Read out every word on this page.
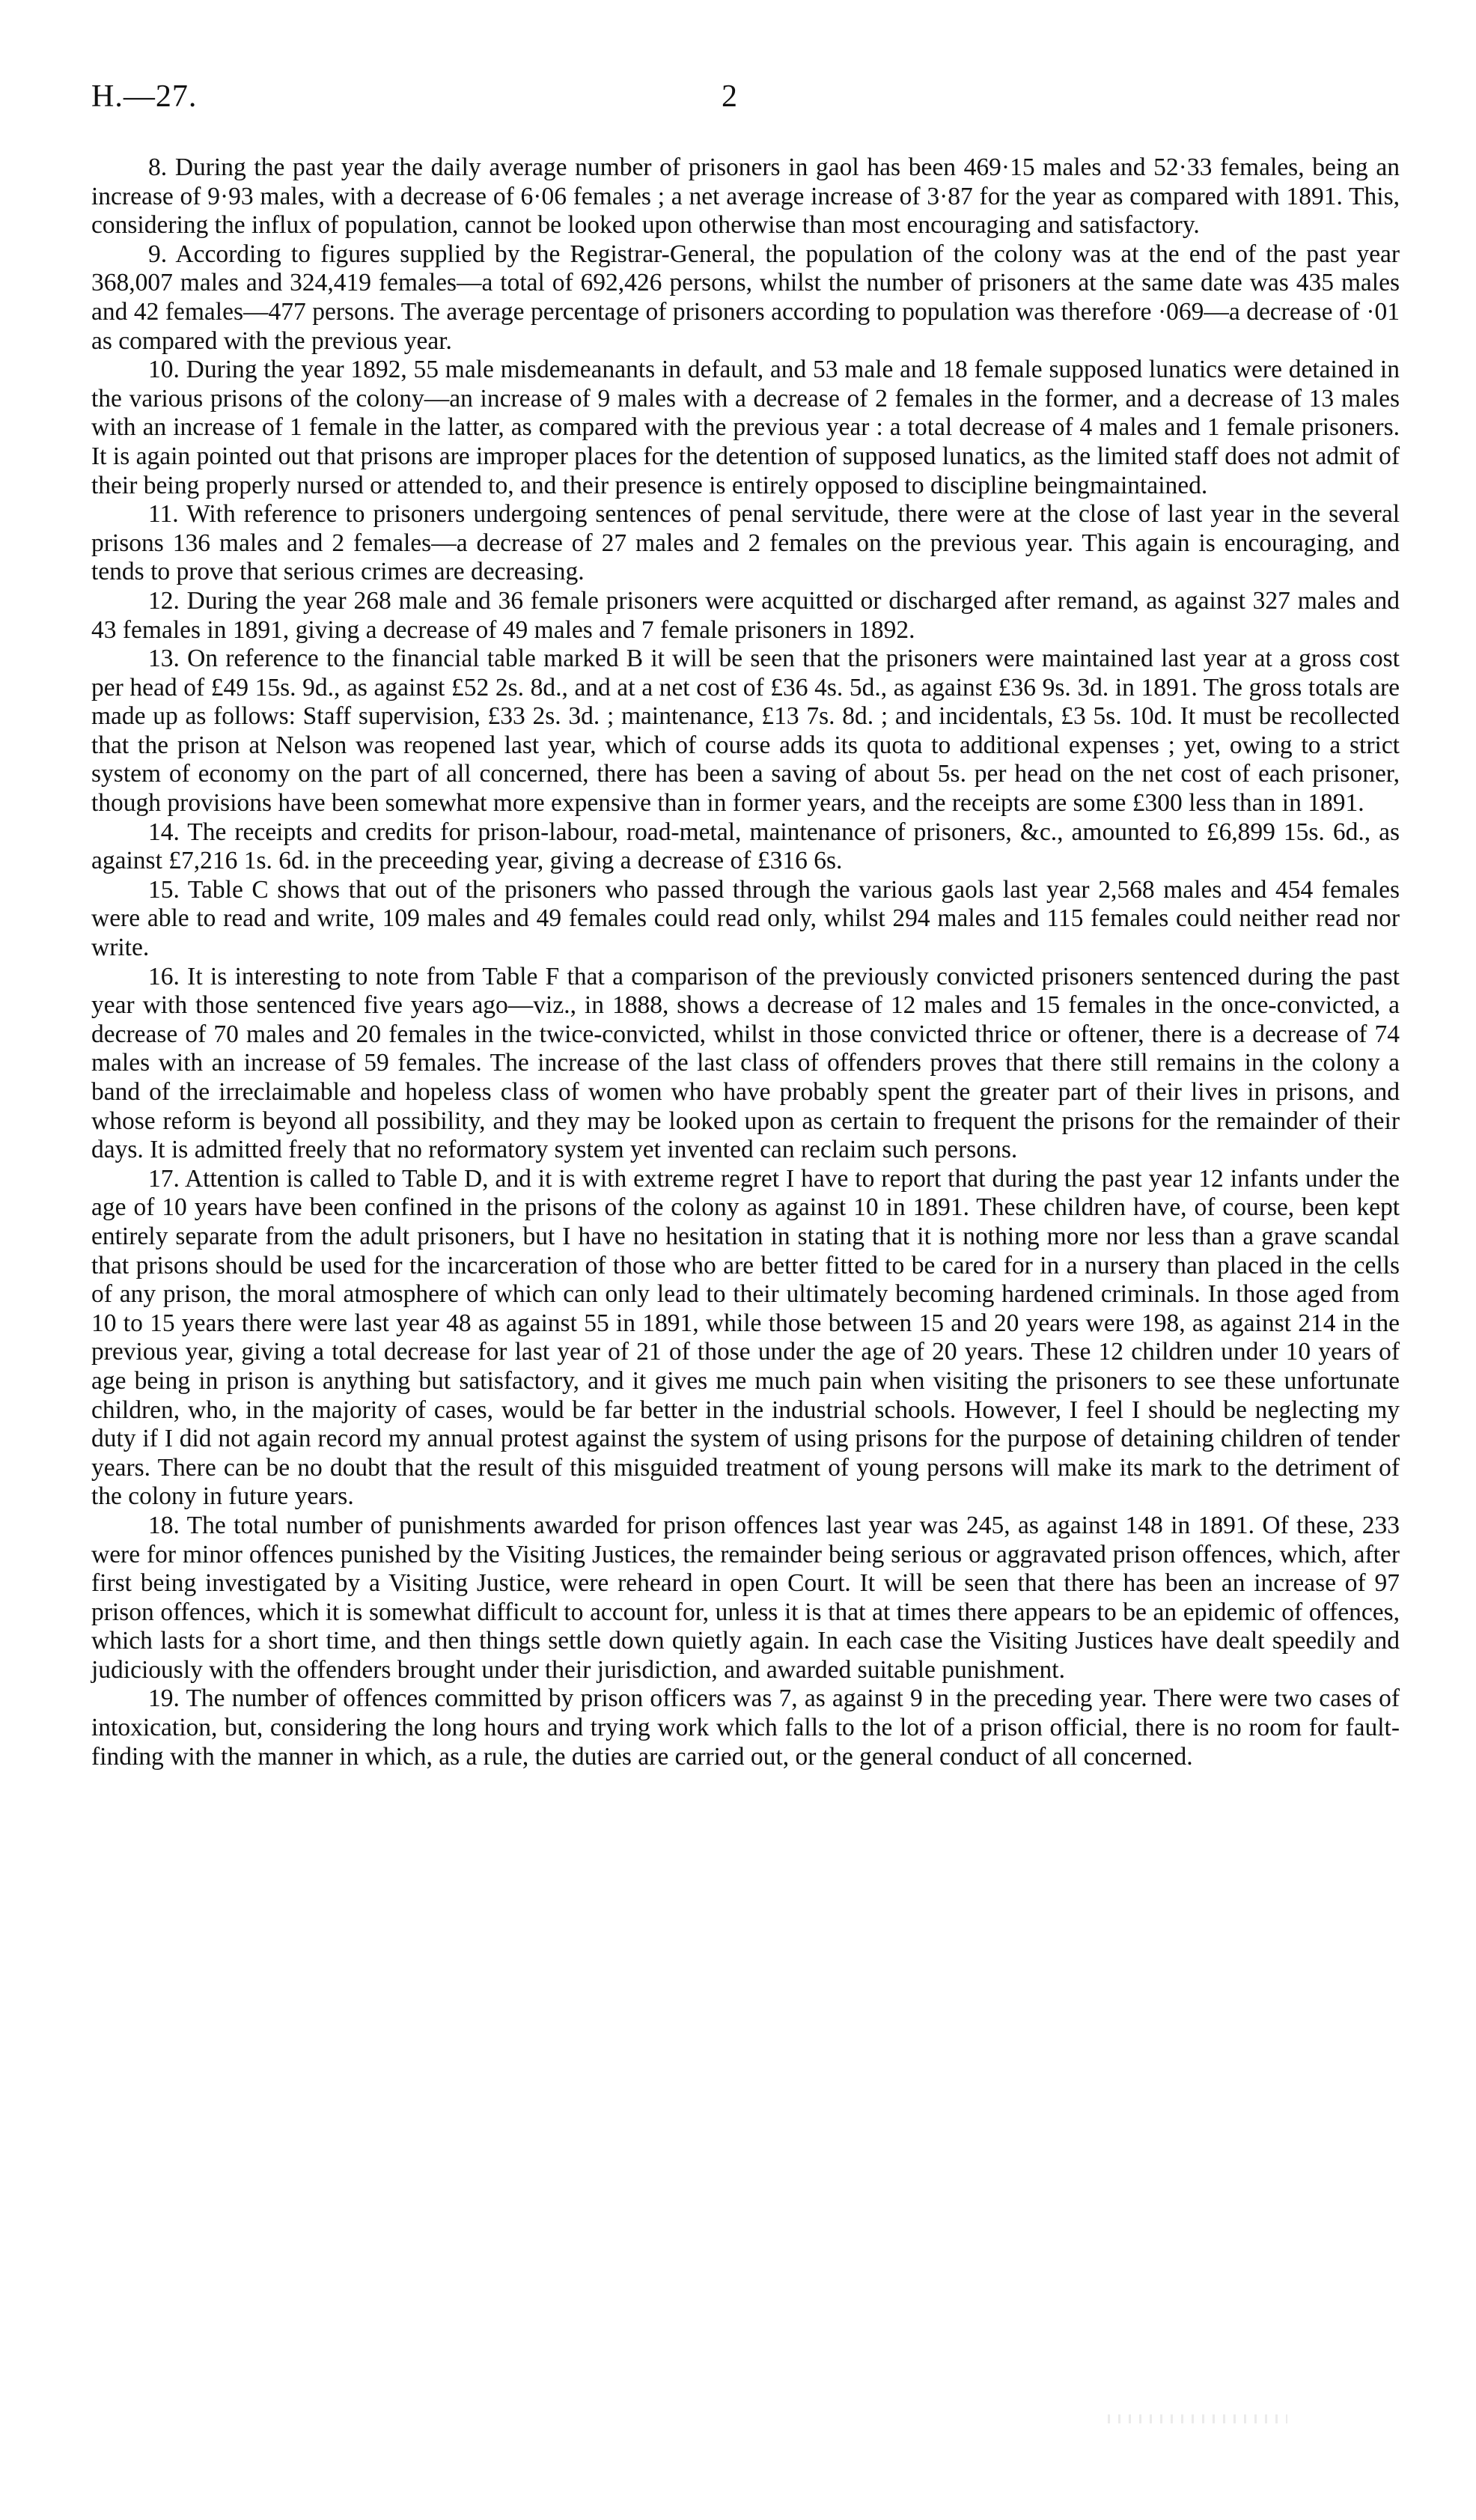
H.—27.	2

8. During the past year the daily average number of prisoners in gaol has been 469·15 males and 52·33 females, being an increase of 9·93 males, with a decrease of 6·06 females ; a net average increase of 3·87 for the year as compared with 1891. This, considering the influx of population, cannot be looked upon otherwise than most encouraging and satisfactory.

9. According to figures supplied by the Registrar-General, the population of the colony was at the end of the past year 368,007 males and 324,419 females—a total of 692,426 persons, whilst the number of prisoners at the same date was 435 males and 42 females—477 persons. The average percentage of prisoners according to population was therefore ·069—a decrease of ·01 as compared with the previous year.

10. During the year 1892, 55 male misdemeanants in default, and 53 male and 18 female supposed lunatics were detained in the various prisons of the colony—an increase of 9 males with a decrease of 2 females in the former, and a decrease of 13 males with an increase of 1 female in the latter, as compared with the previous year : a total decrease of 4 males and 1 female prisoners. It is again pointed out that prisons are improper places for the detention of supposed lunatics, as the limited staff does not admit of their being properly nursed or attended to, and their presence is entirely opposed to discipline beingmaintained.

11. With reference to prisoners undergoing sentences of penal servitude, there were at the close of last year in the several prisons 136 males and 2 females—a decrease of 27 males and 2 females on the previous year. This again is encouraging, and tends to prove that serious crimes are decreasing.

12. During the year 268 male and 36 female prisoners were acquitted or discharged after remand, as against 327 males and 43 females in 1891, giving a decrease of 49 males and 7 female prisoners in 1892.

13. On reference to the financial table marked B it will be seen that the prisoners were maintained last year at a gross cost per head of £49 15s. 9d., as against £52 2s. 8d., and at a net cost of £36 4s. 5d., as against £36 9s. 3d. in 1891. The gross totals are made up as follows: Staff supervision, £33 2s. 3d. ; maintenance, £13 7s. 8d. ; and incidentals, £3 5s. 10d. It must be recollected that the prison at Nelson was reopened last year, which of course adds its quota to additional expenses ; yet, owing to a strict system of economy on the part of all concerned, there has been a saving of about 5s. per head on the net cost of each prisoner, though provisions have been somewhat more expensive than in former years, and the receipts are some £300 less than in 1891.

14. The receipts and credits for prison-labour, road-metal, maintenance of prisoners, &c., amounted to £6,899 15s. 6d., as against £7,216 1s. 6d. in the preceeding year, giving a decrease of £316 6s.

15. Table C shows that out of the prisoners who passed through the various gaols last year 2,568 males and 454 females were able to read and write, 109 males and 49 females could read only, whilst 294 males and 115 females could neither read nor write.

16. It is interesting to note from Table F that a comparison of the previously convicted prisoners sentenced during the past year with those sentenced five years ago—viz., in 1888, shows a decrease of 12 males and 15 females in the once-convicted, a decrease of 70 males and 20 females in the twice-convicted, whilst in those convicted thrice or oftener, there is a decrease of 74 males with an increase of 59 females. The increase of the last class of offenders proves that there still remains in the colony a band of the irreclaimable and hopeless class of women who have probably spent the greater part of their lives in prisons, and whose reform is beyond all possibility, and they may be looked upon as certain to frequent the prisons for the remainder of their days. It is admitted freely that no reformatory system yet invented can reclaim such persons.

17. Attention is called to Table D, and it is with extreme regret I have to report that during the past year 12 infants under the age of 10 years have been confined in the prisons of the colony as against 10 in 1891. These children have, of course, been kept entirely separate from the adult prisoners, but I have no hesitation in stating that it is nothing more nor less than a grave scandal that prisons should be used for the incarceration of those who are better fitted to be cared for in a nursery than placed in the cells of any prison, the moral atmosphere of which can only lead to their ultimately becoming hardened criminals. In those aged from 10 to 15 years there were last year 48 as against 55 in 1891, while those between 15 and 20 years were 198, as against 214 in the previous year, giving a total decrease for last year of 21 of those under the age of 20 years. These 12 children under 10 years of age being in prison is anything but satisfactory, and it gives me much pain when visiting the prisoners to see these unfortunate children, who, in the majority of cases, would be far better in the industrial schools. However, I feel I should be neglecting my duty if I did not again record my annual protest against the system of using prisons for the purpose of detaining children of tender years. There can be no doubt that the result of this misguided treatment of young persons will make its mark to the detriment of the colony in future years.

18. The total number of punishments awarded for prison offences last year was 245, as against 148 in 1891. Of these, 233 were for minor offences punished by the Visiting Justices, the remainder being serious or aggravated prison offences, which, after first being investigated by a Visiting Justice, were reheard in open Court. It will be seen that there has been an increase of 97 prison offences, which it is somewhat difficult to account for, unless it is that at times there appears to be an epidemic of offences, which lasts for a short time, and then things settle down quietly again. In each case the Visiting Justices have dealt speedily and judiciously with the offenders brought under their jurisdiction, and awarded suitable punishment.

19. The number of offences committed by prison officers was 7, as against 9 in the preceding year. There were two cases of intoxication, but, considering the long hours and trying work which falls to the lot of a prison official, there is no room for fault-finding with the manner in which, as a rule, the duties are carried out, or the general conduct of all concerned.
